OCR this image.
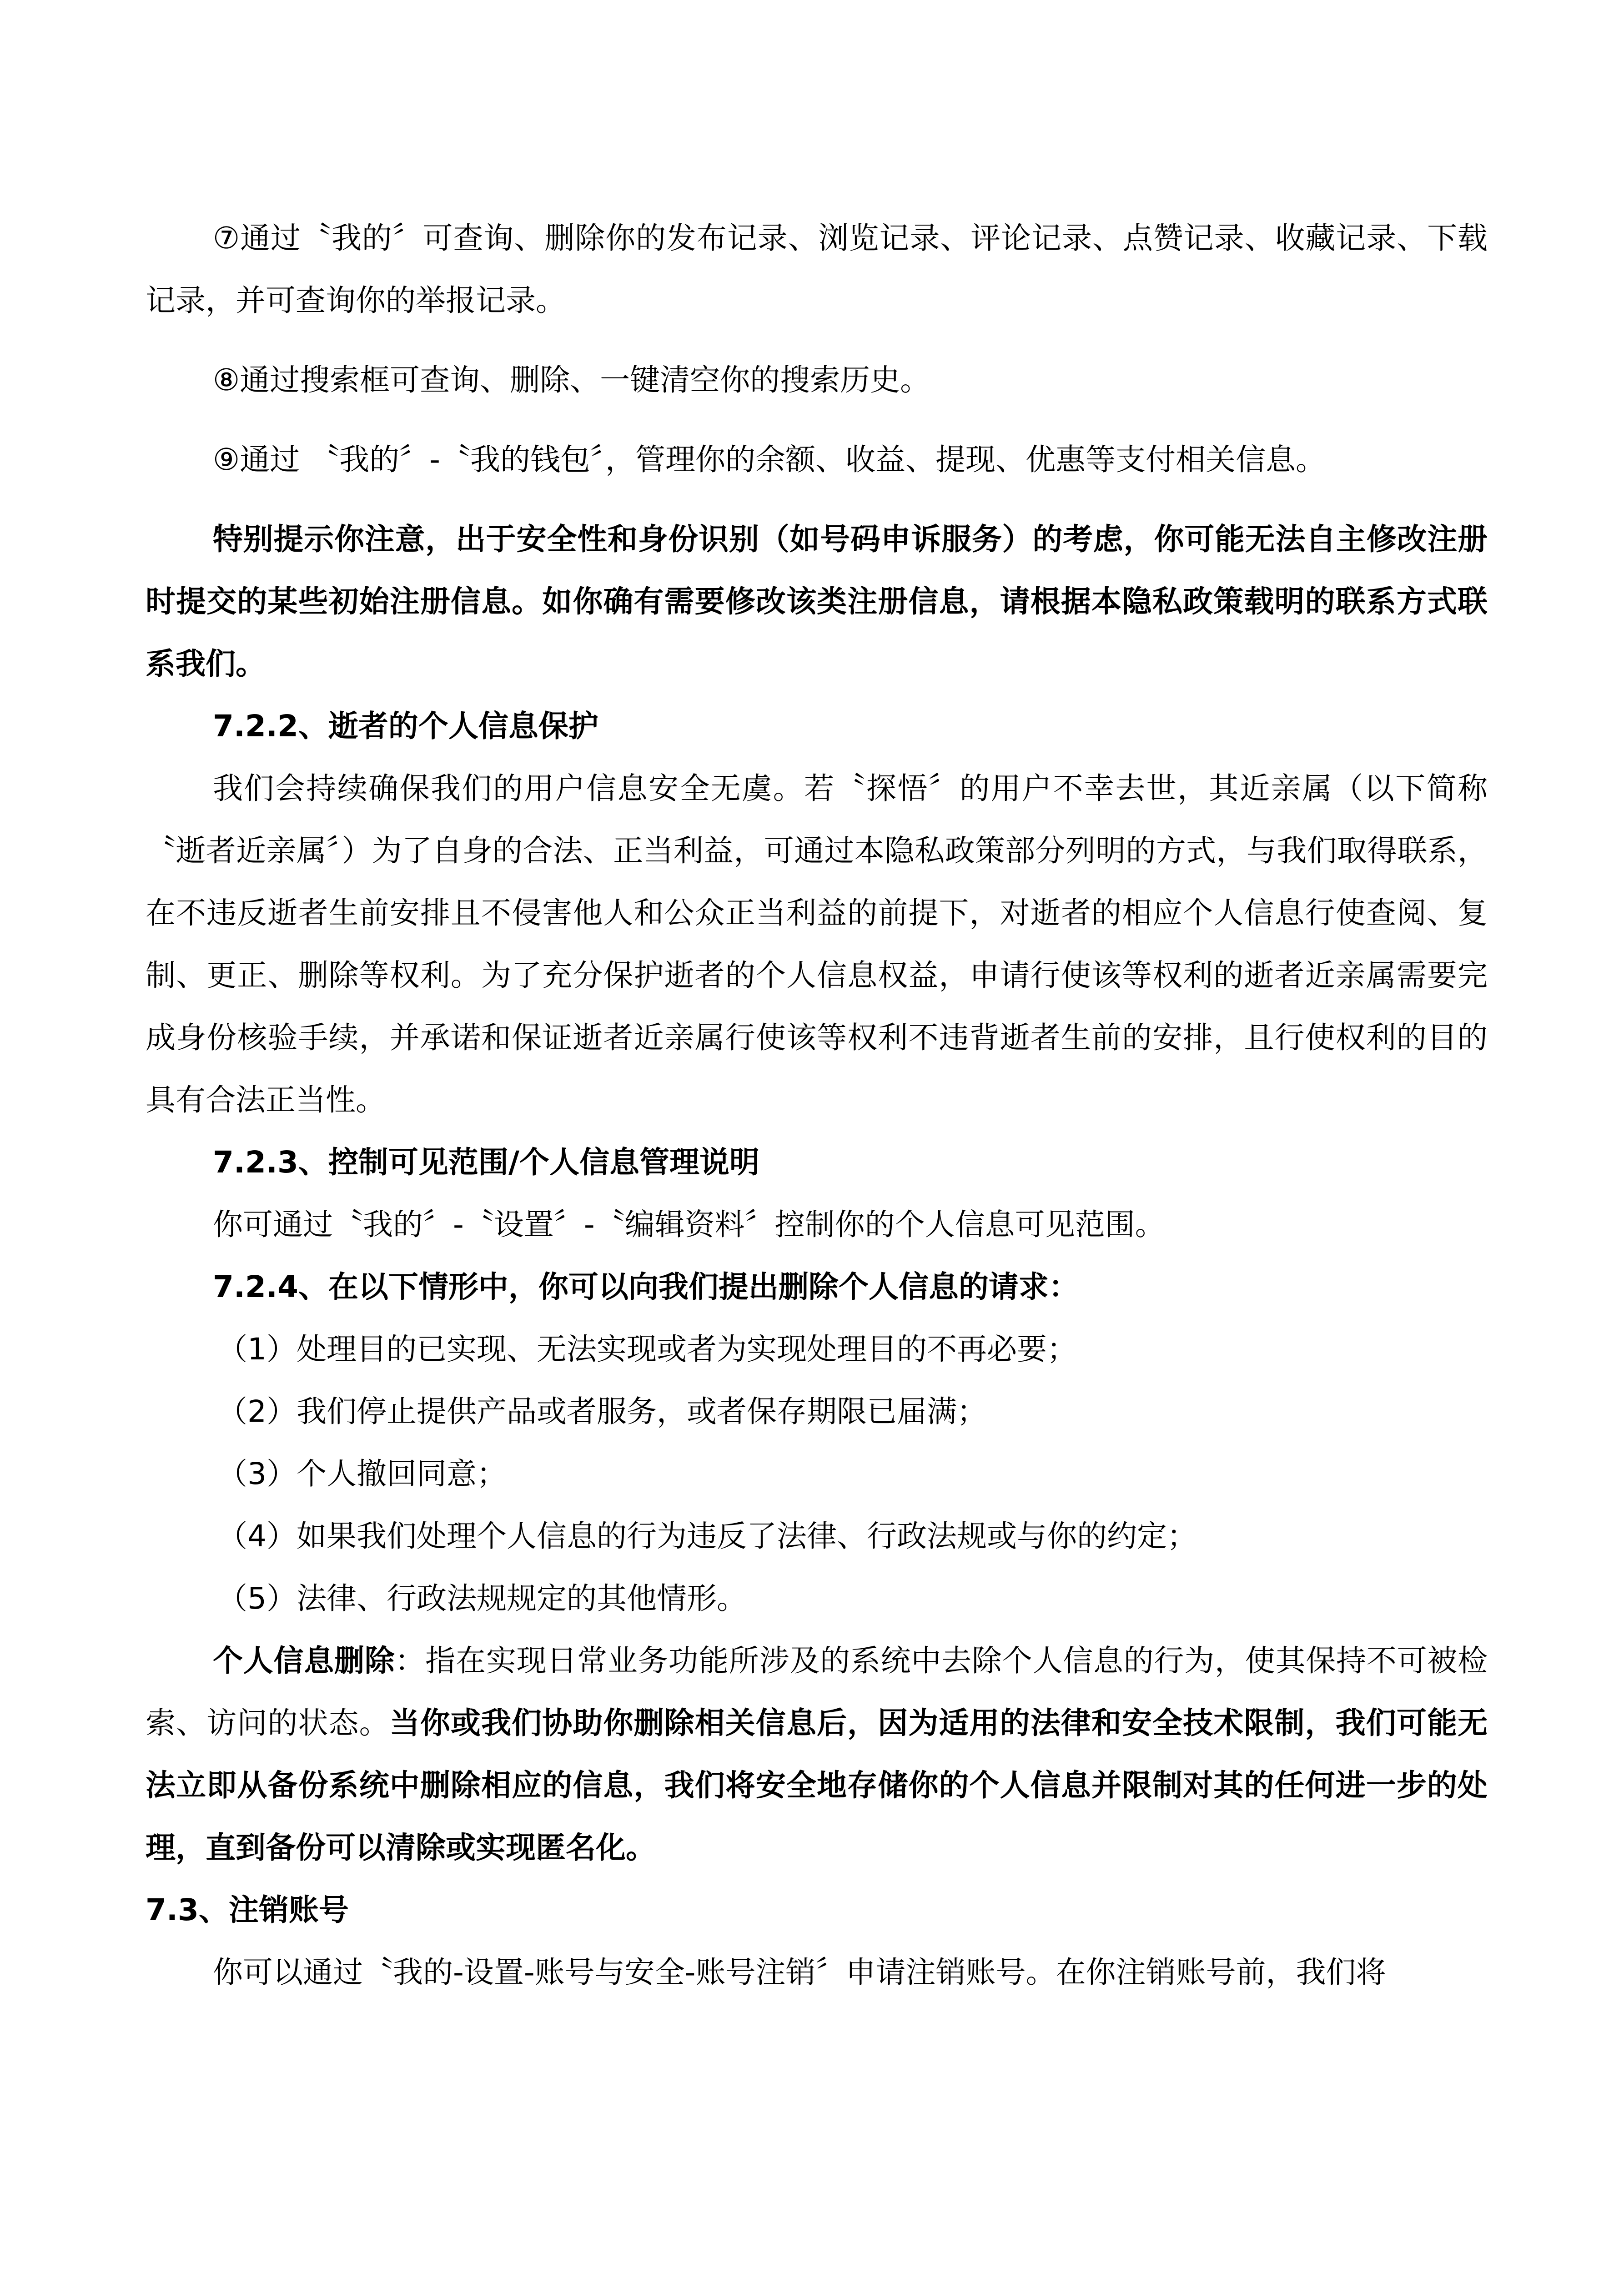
⑦通过〝我的〞可查询、删除你的发布记录、浏览记录、评论记录、点赞记录、收藏记录、下载记录，并可查询你的举报记录。

⑧通过搜索框可查询、删除、一键清空你的搜索历史。

⑨通过 〝我的〞-〝我的钱包〞，管理你的余额、收益、提现、优惠等支付相关信息。

特别提示你注意，出于安全性和身份识别（如号码申诉服务）的考虑，你可能无法自主修改注册时提交的某些初始注册信息。如你确有需要修改该类注册信息，请根据本隐私政策载明的联系方式联系我们。

7.2.2、逝者的个人信息保护

我们会持续确保我们的用户信息安全无虞。若〝探悟〞的用户不幸去世，其近亲属（以下简称〝逝者近亲属〞）为了自身的合法、正当利益，可通过本隐私政策部分列明的方式，与我们取得联系，在不违反逝者生前安排且不侵害他人和公众正当利益的前提下，对逝者的相应个人信息行使查阅、复制、更正、删除等权利。为了充分保护逝者的个人信息权益，申请行使该等权利的逝者近亲属需要完成身份核验手续，并承诺和保证逝者近亲属行使该等权利不违背逝者生前的安排，且行使权利的目的具有合法正当性。

7.2.3、控制可见范围/个人信息管理说明

你可通过〝我的〞-〝设置〞-〝编辑资料〞控制你的个人信息可见范围。

7.2.4、在以下情形中，你可以向我们提出删除个人信息的请求：

（1）处理目的已实现、无法实现或者为实现处理目的不再必要；

（2）我们停止提供产品或者服务，或者保存期限已届满；

（3）个人撤回同意；

（4）如果我们处理个人信息的行为违反了法律、行政法规或与你的约定；

（5）法律、行政法规规定的其他情形。

个人信息删除：指在实现日常业务功能所涉及的系统中去除个人信息的行为，使其保持不可被检索、访问的状态。当你或我们协助你删除相关信息后，因为适用的法律和安全技术限制，我们可能无法立即从备份系统中删除相应的信息，我们将安全地存储你的个人信息并限制对其的任何进一步的处理，直到备份可以清除或实现匿名化。

7.3、注销账号

你可以通过〝我的-设置-账号与安全-账号注销〞申请注销账号。在你注销账号前，我们将
